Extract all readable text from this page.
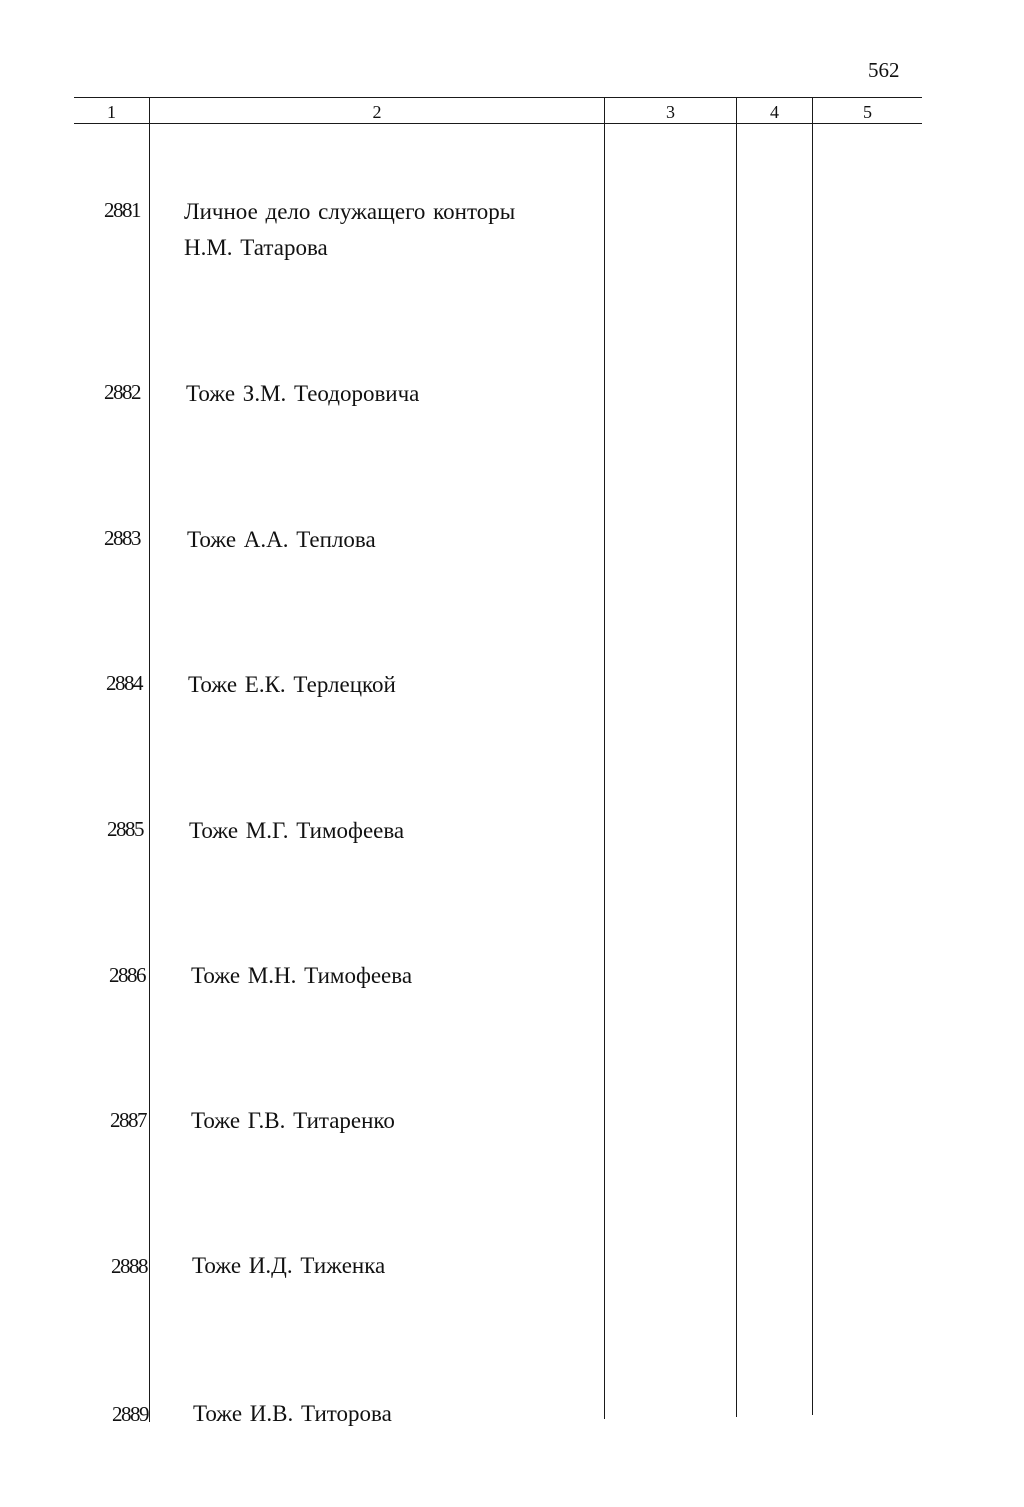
562
1	2	3	4	5
2881 Личное дело служащего конторы
Н.М. Татарова
2882 Тоже З.М. Теодоровича
2883 Тоже А.А. Теплова
2884 Тоже Е.К. Терлецкой
2885 Тоже М.Г. Тимофеева
2886 Тоже М.Н. Тимофеева
2887 Тоже Г.В. Титаренко
2888 Тоже И.Д. Тиженка
2889 Тоже И.В. Титорова
